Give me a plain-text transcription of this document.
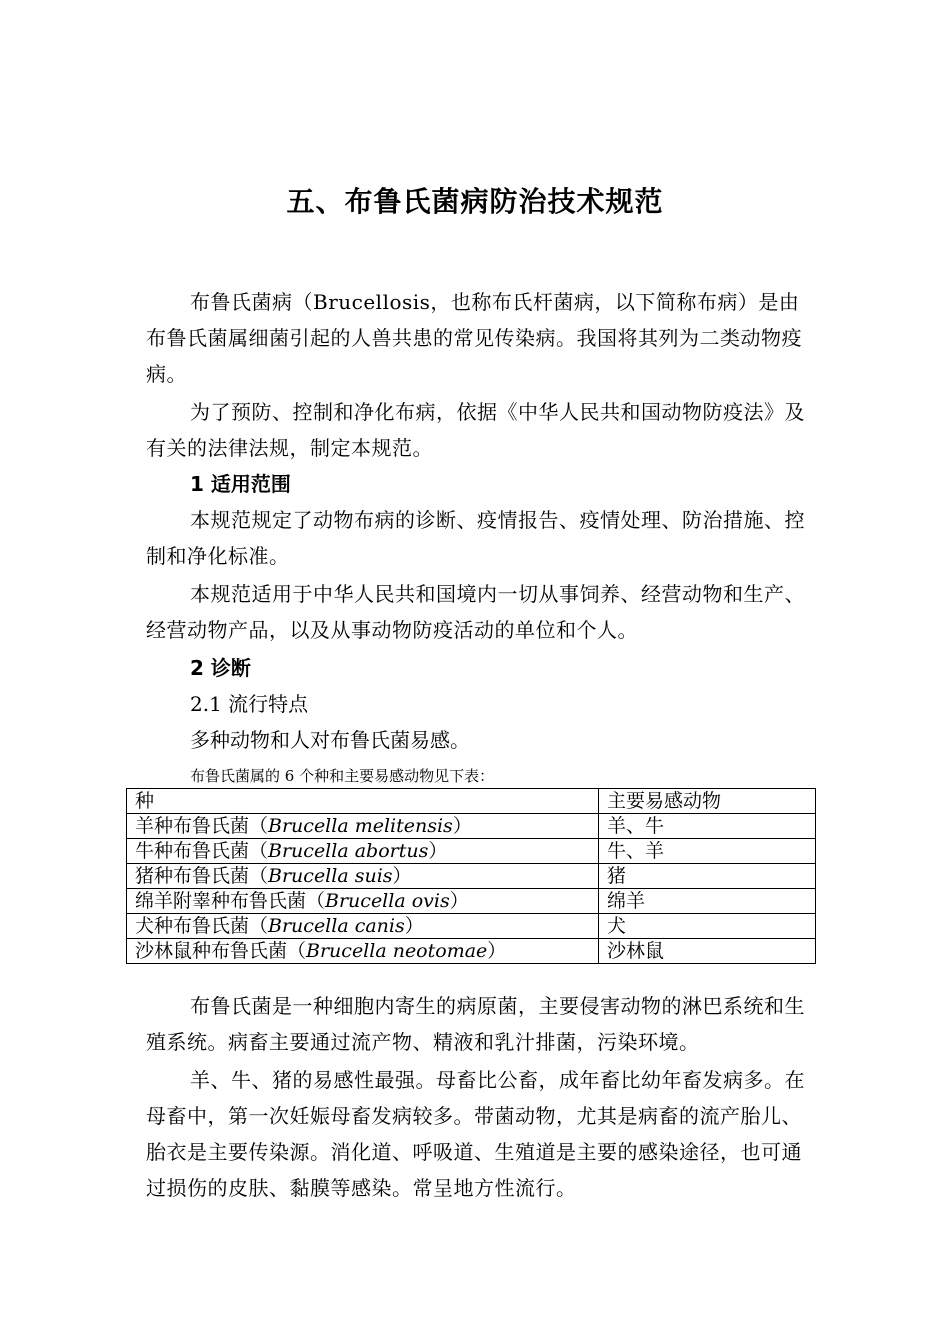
五、布鲁氏菌病防治技术规范

布鲁氏菌病（Brucellosis，也称布氏杆菌病，以下简称布病）是由布鲁氏菌属细菌引起的人兽共患的常见传染病。我国将其列为二类动物疫病。

为了预防、控制和净化布病，依据《中华人民共和国动物防疫法》及有关的法律法规，制定本规范。

1 适用范围

本规范规定了动物布病的诊断、疫情报告、疫情处理、防治措施、控制和净化标准。

本规范适用于中华人民共和国境内一切从事饲养、经营动物和生产、经营动物产品，以及从事动物防疫活动的单位和个人。

2 诊断

2.1 流行特点

多种动物和人对布鲁氏菌易感。

布鲁氏菌属的 6 个种和主要易感动物见下表：
种	主要易感动物
羊种布鲁氏菌（Brucella melitensis）	羊、牛
牛种布鲁氏菌（Brucella abortus）	牛、羊
猪种布鲁氏菌（Brucella suis）	猪
绵羊附睾种布鲁氏菌（Brucella ovis）	绵羊
犬种布鲁氏菌（Brucella canis）	犬
沙林鼠种布鲁氏菌（Brucella neotomae）	沙林鼠

布鲁氏菌是一种细胞内寄生的病原菌，主要侵害动物的淋巴系统和生殖系统。病畜主要通过流产物、精液和乳汁排菌，污染环境。

羊、牛、猪的易感性最强。母畜比公畜，成年畜比幼年畜发病多。在母畜中，第一次妊娠母畜发病较多。带菌动物，尤其是病畜的流产胎儿、胎衣是主要传染源。消化道、呼吸道、生殖道是主要的感染途径，也可通过损伤的皮肤、黏膜等感染。常呈地方性流行。
